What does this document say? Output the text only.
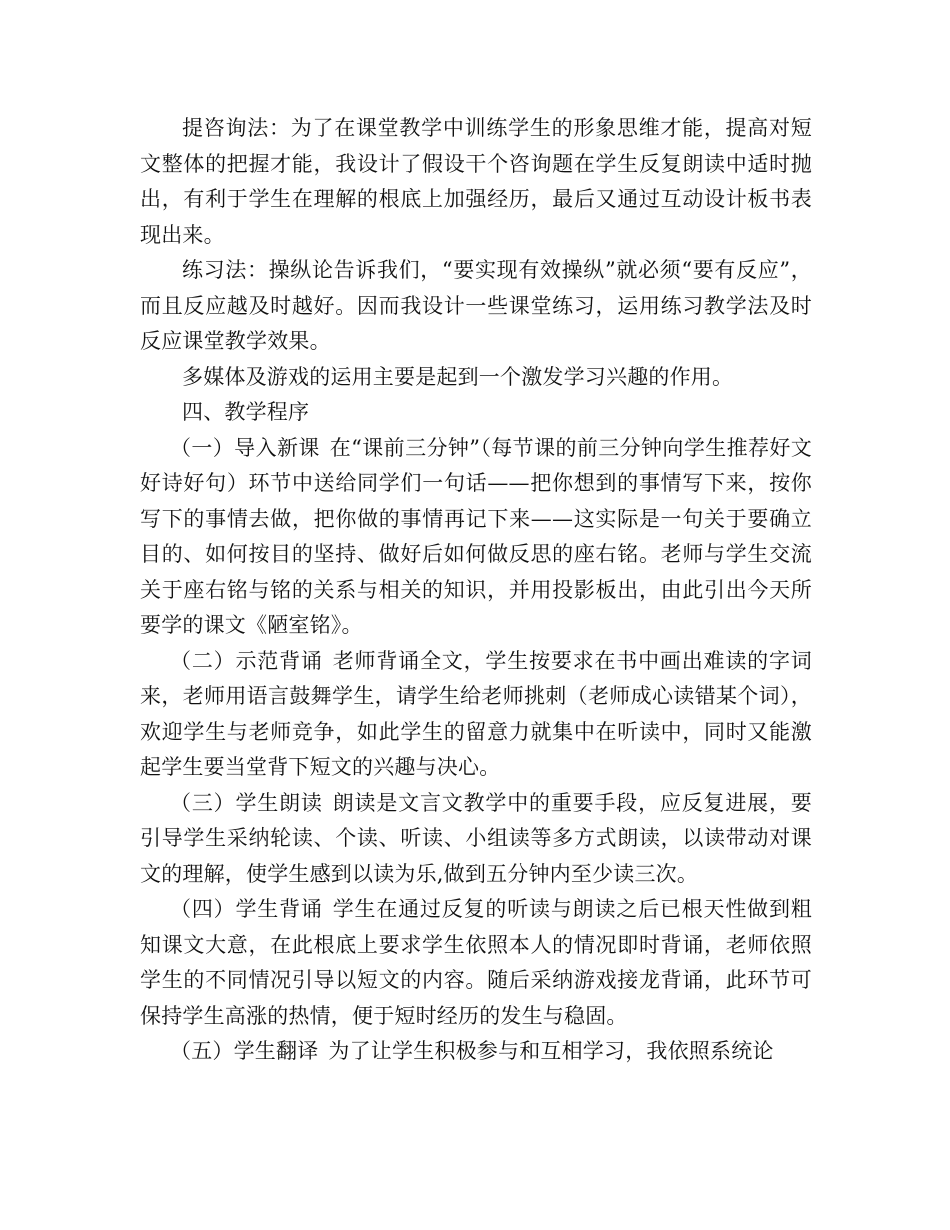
提咨询法：为了在课堂教学中训练学生的形象思维才能，提高对短文整体的把握才能，我设计了假设干个咨询题在学生反复朗读中适时抛出，有利于学生在理解的根底上加强经历，最后又通过互动设计板书表现出来。

练习法：操纵论告诉我们，“要实现有效操纵”就必须“要有反应”，而且反应越及时越好。因而我设计一些课堂练习，运用练习教学法及时反应课堂教学效果。

多媒体及游戏的运用主要是起到一个激发学习兴趣的作用。

四、教学程序

（一）导入新课 在“课前三分钟”（每节课的前三分钟向学生推荐好文好诗好句）环节中送给同学们一句话——把你想到的事情写下来，按你写下的事情去做，把你做的事情再记下来——这实际是一句关于要确立目的、如何按目的坚持、做好后如何做反思的座右铭。老师与学生交流关于座右铭与铭的关系与相关的知识，并用投影板出，由此引出今天所要学的课文《陋室铭》。

（二）示范背诵 老师背诵全文，学生按要求在书中画出难读的字词来，老师用语言鼓舞学生，请学生给老师挑刺（老师成心读错某个词），欢迎学生与老师竞争，如此学生的留意力就集中在听读中，同时又能激起学生要当堂背下短文的兴趣与决心。

（三）学生朗读 朗读是文言文教学中的重要手段，应反复进展，要引导学生采纳轮读、个读、听读、小组读等多方式朗读，以读带动对课文的理解，使学生感到以读为乐,做到五分钟内至少读三次。

（四）学生背诵 学生在通过反复的听读与朗读之后已根天性做到粗知课文大意，在此根底上要求学生依照本人的情况即时背诵，老师依照学生的不同情况引导以短文的内容。随后采纳游戏接龙背诵，此环节可保持学生高涨的热情，便于短时经历的发生与稳固。

（五）学生翻译 为了让学生积极参与和互相学习，我依照系统论
